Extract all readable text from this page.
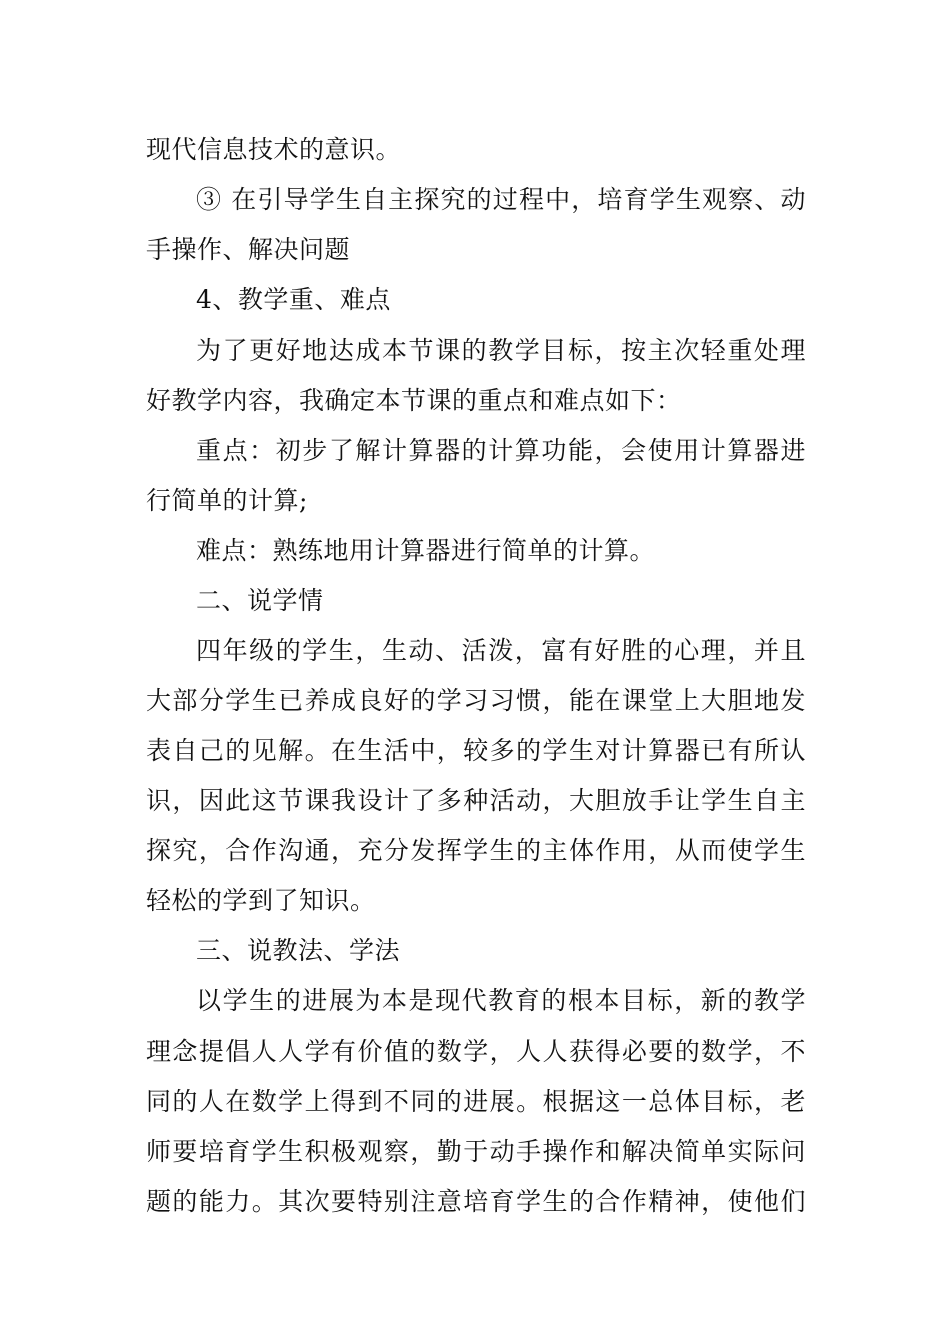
现代信息技术的意识。
③ 在引导学生自主探究的过程中，培育学生观察、动
手操作、解决问题
4、教学重、难点
为了更好地达成本节课的教学目标，按主次轻重处理
好教学内容，我确定本节课的重点和难点如下：
重点：初步了解计算器的计算功能，会使用计算器进
行简单的计算;
难点：熟练地用计算器进行简单的计算。
二、说学情
四年级的学生，生动、活泼，富有好胜的心理，并且
大部分学生已养成良好的学习习惯，能在课堂上大胆地发
表自己的见解。在生活中，较多的学生对计算器已有所认
识，因此这节课我设计了多种活动，大胆放手让学生自主
探究，合作沟通，充分发挥学生的主体作用，从而使学生
轻松的学到了知识。
三、说教法、学法
以学生的进展为本是现代教育的根本目标，新的教学
理念提倡人人学有价值的数学，人人获得必要的数学，不
同的人在数学上得到不同的进展。根据这一总体目标，老
师要培育学生积极观察，勤于动手操作和解决简单实际问
题的能力。其次要特别注意培育学生的合作精神，使他们
